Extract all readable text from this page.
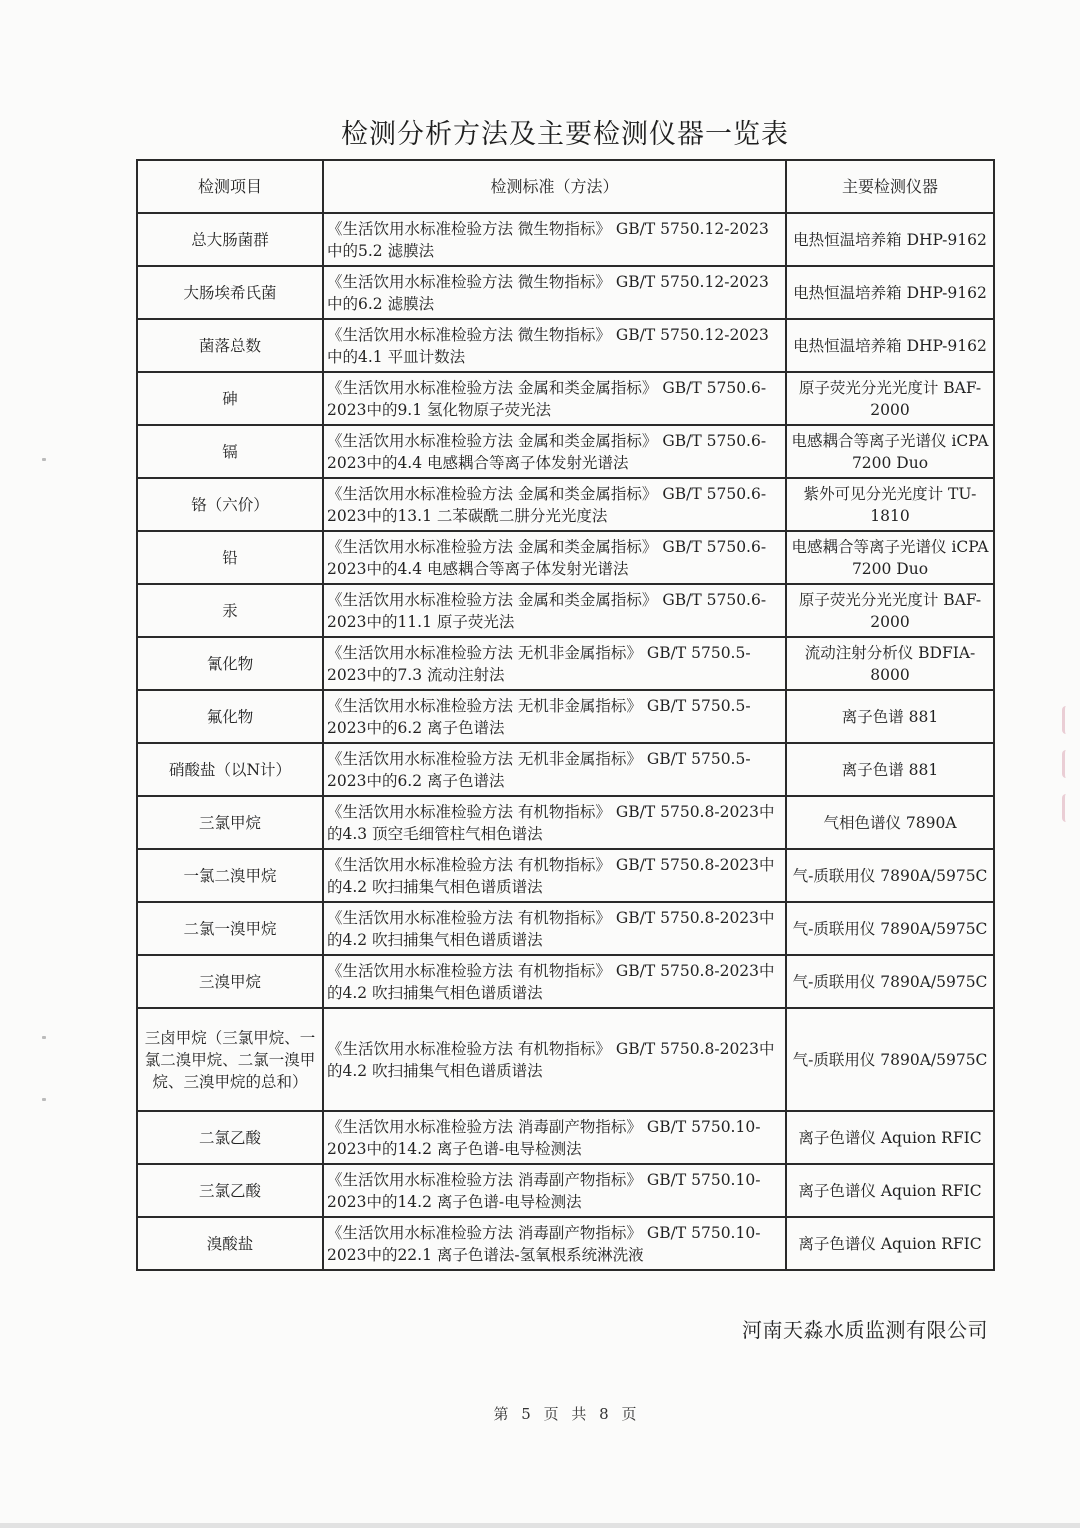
检测分析方法及主要检测仪器一览表
检测项目	检测标准（方法）	主要检测仪器
总大肠菌群	《生活饮用水标准检验方法 微生物指标》 GB/T 5750.12-2023中的5.2 滤膜法	电热恒温培养箱 DHP-9162
大肠埃希氏菌	《生活饮用水标准检验方法 微生物指标》 GB/T 5750.12-2023中的6.2 滤膜法	电热恒温培养箱 DHP-9162
菌落总数	《生活饮用水标准检验方法 微生物指标》 GB/T 5750.12-2023中的4.1 平皿计数法	电热恒温培养箱 DHP-9162
砷	《生活饮用水标准检验方法 金属和类金属指标》 GB/T 5750.6-2023中的9.1 氢化物原子荧光法	原子荧光分光光度计 BAF-2000
镉	《生活饮用水标准检验方法 金属和类金属指标》 GB/T 5750.6-2023中的4.4 电感耦合等离子体发射光谱法	电感耦合等离子光谱仪 iCPA 7200 Duo
铬（六价）	《生活饮用水标准检验方法 金属和类金属指标》 GB/T 5750.6-2023中的13.1 二苯碳酰二肼分光光度法	紫外可见分光光度计 TU-1810
铅	《生活饮用水标准检验方法 金属和类金属指标》 GB/T 5750.6-2023中的4.4 电感耦合等离子体发射光谱法	电感耦合等离子光谱仪 iCPA 7200 Duo
汞	《生活饮用水标准检验方法 金属和类金属指标》 GB/T 5750.6-2023中的11.1 原子荧光法	原子荧光分光光度计 BAF-2000
氰化物	《生活饮用水标准检验方法 无机非金属指标》 GB/T 5750.5-2023中的7.3 流动注射法	流动注射分析仪 BDFIA-8000
氟化物	《生活饮用水标准检验方法 无机非金属指标》 GB/T 5750.5-2023中的6.2 离子色谱法	离子色谱 881
硝酸盐（以N计）	《生活饮用水标准检验方法 无机非金属指标》 GB/T 5750.5-2023中的6.2 离子色谱法	离子色谱 881
三氯甲烷	《生活饮用水标准检验方法 有机物指标》 GB/T 5750.8-2023中的4.3 顶空毛细管柱气相色谱法	气相色谱仪 7890A
一氯二溴甲烷	《生活饮用水标准检验方法 有机物指标》 GB/T 5750.8-2023中的4.2 吹扫捕集气相色谱质谱法	气-质联用仪 7890A/5975C
二氯一溴甲烷	《生活饮用水标准检验方法 有机物指标》 GB/T 5750.8-2023中的4.2 吹扫捕集气相色谱质谱法	气-质联用仪 7890A/5975C
三溴甲烷	《生活饮用水标准检验方法 有机物指标》 GB/T 5750.8-2023中的4.2 吹扫捕集气相色谱质谱法	气-质联用仪 7890A/5975C
三卤甲烷（三氯甲烷、一氯二溴甲烷、二氯一溴甲烷、三溴甲烷的总和）	《生活饮用水标准检验方法 有机物指标》 GB/T 5750.8-2023中的4.2 吹扫捕集气相色谱质谱法	气-质联用仪 7890A/5975C
二氯乙酸	《生活饮用水标准检验方法 消毒副产物指标》 GB/T 5750.10-2023中的14.2 离子色谱-电导检测法	离子色谱仪 Aquion RFIC
三氯乙酸	《生活饮用水标准检验方法 消毒副产物指标》 GB/T 5750.10-2023中的14.2 离子色谱-电导检测法	离子色谱仪 Aquion RFIC
溴酸盐	《生活饮用水标准检验方法 消毒副产物指标》 GB/T 5750.10-2023中的22.1 离子色谱法-氢氧根系统淋洗液	离子色谱仪 Aquion RFIC
河南天淼水质监测有限公司
第 5 页 共 8 页
